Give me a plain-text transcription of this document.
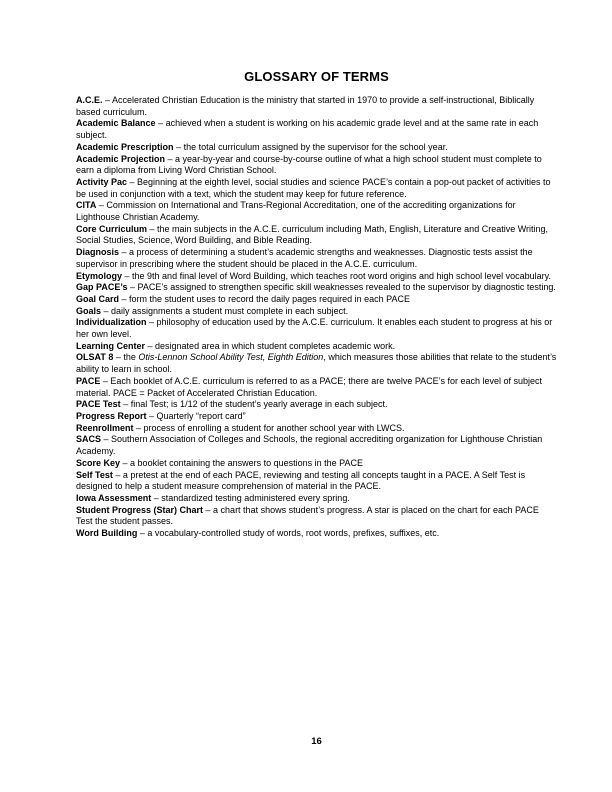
GLOSSARY OF TERMS
A.C.E. – Accelerated Christian Education is the ministry that started in 1970 to provide a self-instructional, Biblically based curriculum.
Academic Balance – achieved when a student is working on his academic grade level and at the same rate in each subject.
Academic Prescription – the total curriculum assigned by the supervisor for the school year.
Academic Projection – a year-by-year and course-by-course outline of what a high school student must complete to earn a diploma from Living Word Christian School.
Activity Pac – Beginning at the eighth level, social studies and science PACE’s contain a pop-out packet of activities to be used in conjunction with a text, which the student may keep for future reference.
CITA – Commission on International and Trans-Regional Accreditation, one of the accrediting organizations for Lighthouse Christian Academy.
Core Curriculum – the main subjects in the A.C.E. curriculum including Math, English, Literature and Creative Writing, Social Studies, Science, Word Building, and Bible Reading.
Diagnosis – a process of determining a student’s academic strengths and weaknesses. Diagnostic tests assist the supervisor in prescribing where the student should be placed in the A.C.E. curriculum.
Etymology – the 9th and final level of Word Building, which teaches root word origins and high school level vocabulary.
Gap PACE’s – PACE’s assigned to strengthen specific skill weaknesses revealed to the supervisor by diagnostic testing.
Goal Card – form the student uses to record the daily pages required in each PACE
Goals – daily assignments a student must complete in each subject.
Individualization – philosophy of education used by the A.C.E. curriculum. It enables each student to progress at his or her own level.
Learning Center – designated area in which student completes academic work.
OLSAT 8 – the Otis-Lennon School Ability Test, Eighth Edition, which measures those abilities that relate to the student’s ability to learn in school.
PACE – Each booklet of A.C.E. curriculum is referred to as a PACE; there are twelve PACE’s for each level of subject material. PACE = Packet of Accelerated Christian Education.
PACE Test – final Test; is 1/12 of the student’s yearly average in each subject.
Progress Report – Quarterly “report card”
Reenrollment – process of enrolling a student for another school year with LWCS.
SACS – Southern Association of Colleges and Schools, the regional accrediting organization for Lighthouse Christian Academy.
Score Key – a booklet containing the answers to questions in the PACE
Self Test – a pretest at the end of each PACE, reviewing and testing all concepts taught in a PACE. A Self Test is designed to help a student measure comprehension of material in the PACE.
Iowa Assessment – standardized testing administered every spring.
Student Progress (Star) Chart – a chart that shows student’s progress. A star is placed on the chart for each PACE Test the student passes.
Word Building – a vocabulary-controlled study of words, root words, prefixes, suffixes, etc.
16
